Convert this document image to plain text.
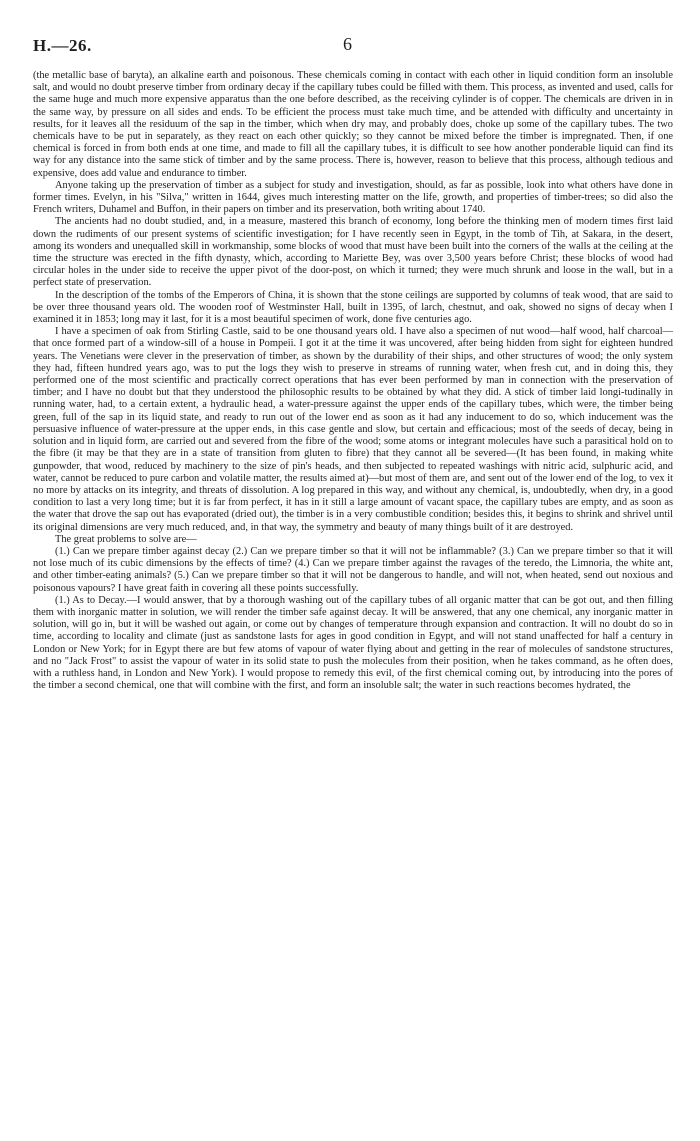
H.—26.	6

(the metallic base of baryta), an alkaline earth and poisonous. These chemicals coming in contact with each other in liquid condition form an insoluble salt, and would no doubt preserve timber from ordinary decay if the capillary tubes could be filled with them. This process, as invented and used, calls for the same huge and much more expensive apparatus than the one before described, as the receiving cylinder is of copper. The chemicals are driven in in the same way, by pressure on all sides and ends. To be efficient the process must take much time, and be attended with difficulty and uncertainty in results, for it leaves all the residuum of the sap in the timber, which when dry may, and probably does, choke up some of the capillary tubes. The two chemicals have to be put in separately, as they react on each other quickly; so they cannot be mixed before the timber is impregnated. Then, if one chemical is forced in from both ends at one time, and made to fill all the capillary tubes, it is difficult to see how another ponderable liquid can find its way for any distance into the same stick of timber and by the same process. There is, however, reason to believe that this process, although tedious and expensive, does add value and endurance to timber.

Anyone taking up the preservation of timber as a subject for study and investigation, should, as far as possible, look into what others have done in former times. Evelyn, in his "Silva," written in 1644, gives much interesting matter on the life, growth, and properties of timber-trees; so did also the French writers, Duhamel and Buffon, in their papers on timber and its preservation, both writing about 1740.

The ancients had no doubt studied, and, in a measure, mastered this branch of economy, long before the thinking men of modern times first laid down the rudiments of our present systems of scientific investigation; for I have recently seen in Egypt, in the tomb of Tih, at Sakara, in the desert, among its wonders and unequalled skill in workmanship, some blocks of wood that must have been built into the corners of the walls at the ceiling at the time the structure was erected in the fifth dynasty, which, according to Mariette Bey, was over 3,500 years before Christ; these blocks of wood had circular holes in the under side to receive the upper pivot of the door-post, on which it turned; they were much shrunk and loose in the wall, but in a perfect state of preservation.

In the description of the tombs of the Emperors of China, it is shown that the stone ceilings are supported by columns of teak wood, that are said to be over three thousand years old. The wooden roof of Westminster Hall, built in 1395, of larch, chestnut, and oak, showed no signs of decay when I examined it in 1853; long may it last, for it is a most beautiful specimen of work, done five centuries ago.

I have a specimen of oak from Stirling Castle, said to be one thousand years old. I have also a specimen of nut wood—half wood, half charcoal—that once formed part of a window-sill of a house in Pompeii. I got it at the time it was uncovered, after being hidden from sight for eighteen hundred years. The Venetians were clever in the preservation of timber, as shown by the durability of their ships, and other structures of wood; the only system they had, fifteen hundred years ago, was to put the logs they wish to preserve in streams of running water, when fresh cut, and in doing this, they performed one of the most scientific and practically correct operations that has ever been performed by man in connection with the preservation of timber; and I have no doubt but that they understood the philosophic results to be obtained by what they did. A stick of timber laid longi-tudinally in running water, had, to a certain extent, a hydraulic head, a water-pressure against the upper ends of the capillary tubes, which were, the timber being green, full of the sap in its liquid state, and ready to run out of the lower end as soon as it had any inducement to do so, which inducement was the persuasive influence of water-pressure at the upper ends, in this case gentle and slow, but certain and efficacious; most of the seeds of decay, being in solution and in liquid form, are carried out and severed from the fibre of the wood; some atoms or integrant molecules have such a parasitical hold on to the fibre (it may be that they are in a state of transition from gluten to fibre) that they cannot all be severed—(It has been found, in making white gunpowder, that wood, reduced by machinery to the size of pin's heads, and then subjected to repeated washings with nitric acid, sulphuric acid, and water, cannot be reduced to pure carbon and volatile matter, the results aimed at)—but most of them are, and sent out of the lower end of the log, to vex it no more by attacks on its integrity, and threats of dissolution. A log prepared in this way, and without any chemical, is, undoubtedly, when dry, in a good condition to last a very long time; but it is far from perfect, it has in it still a large amount of vacant space, the capillary tubes are empty, and as soon as the water that drove the sap out has evaporated (dried out), the timber is in a very combustible condition; besides this, it begins to shrink and shrivel until its original dimensions are very much reduced, and, in that way, the symmetry and beauty of many things built of it are destroyed.

The great problems to solve are—

(1.) Can we prepare timber against decay (2.) Can we prepare timber so that it will not be inflammable? (3.) Can we prepare timber so that it will not lose much of its cubic dimensions by the effects of time? (4.) Can we prepare timber against the ravages of the teredo, the Limnoria, the white ant, and other timber-eating animals? (5.) Can we prepare timber so that it will not be dangerous to handle, and will not, when heated, send out noxious and poisonous vapours? I have great faith in covering all these points successfully.

(1.) As to Decay.—I would answer, that by a thorough washing out of the capillary tubes of all organic matter that can be got out, and then filling them with inorganic matter in solution, we will render the timber safe against decay. It will be answered, that any one chemical, any inorganic matter in solution, will go in, but it will be washed out again, or come out by changes of temperature through expansion and contraction. It will no doubt do so in time, according to locality and climate (just as sandstone lasts for ages in good condition in Egypt, and will not stand unaffected for half a century in London or New York; for in Egypt there are but few atoms of vapour of water flying about and getting in the rear of molecules of sandstone structures, and no "Jack Frost" to assist the vapour of water in its solid state to push the molecules from their position, when he takes command, as he often does, with a ruthless hand, in London and New York). I would propose to remedy this evil, of the first chemical coming out, by introducing into the pores of the timber a second chemical, one that will combine with the first, and form an insoluble salt; the water in such reactions becomes hydrated, the
